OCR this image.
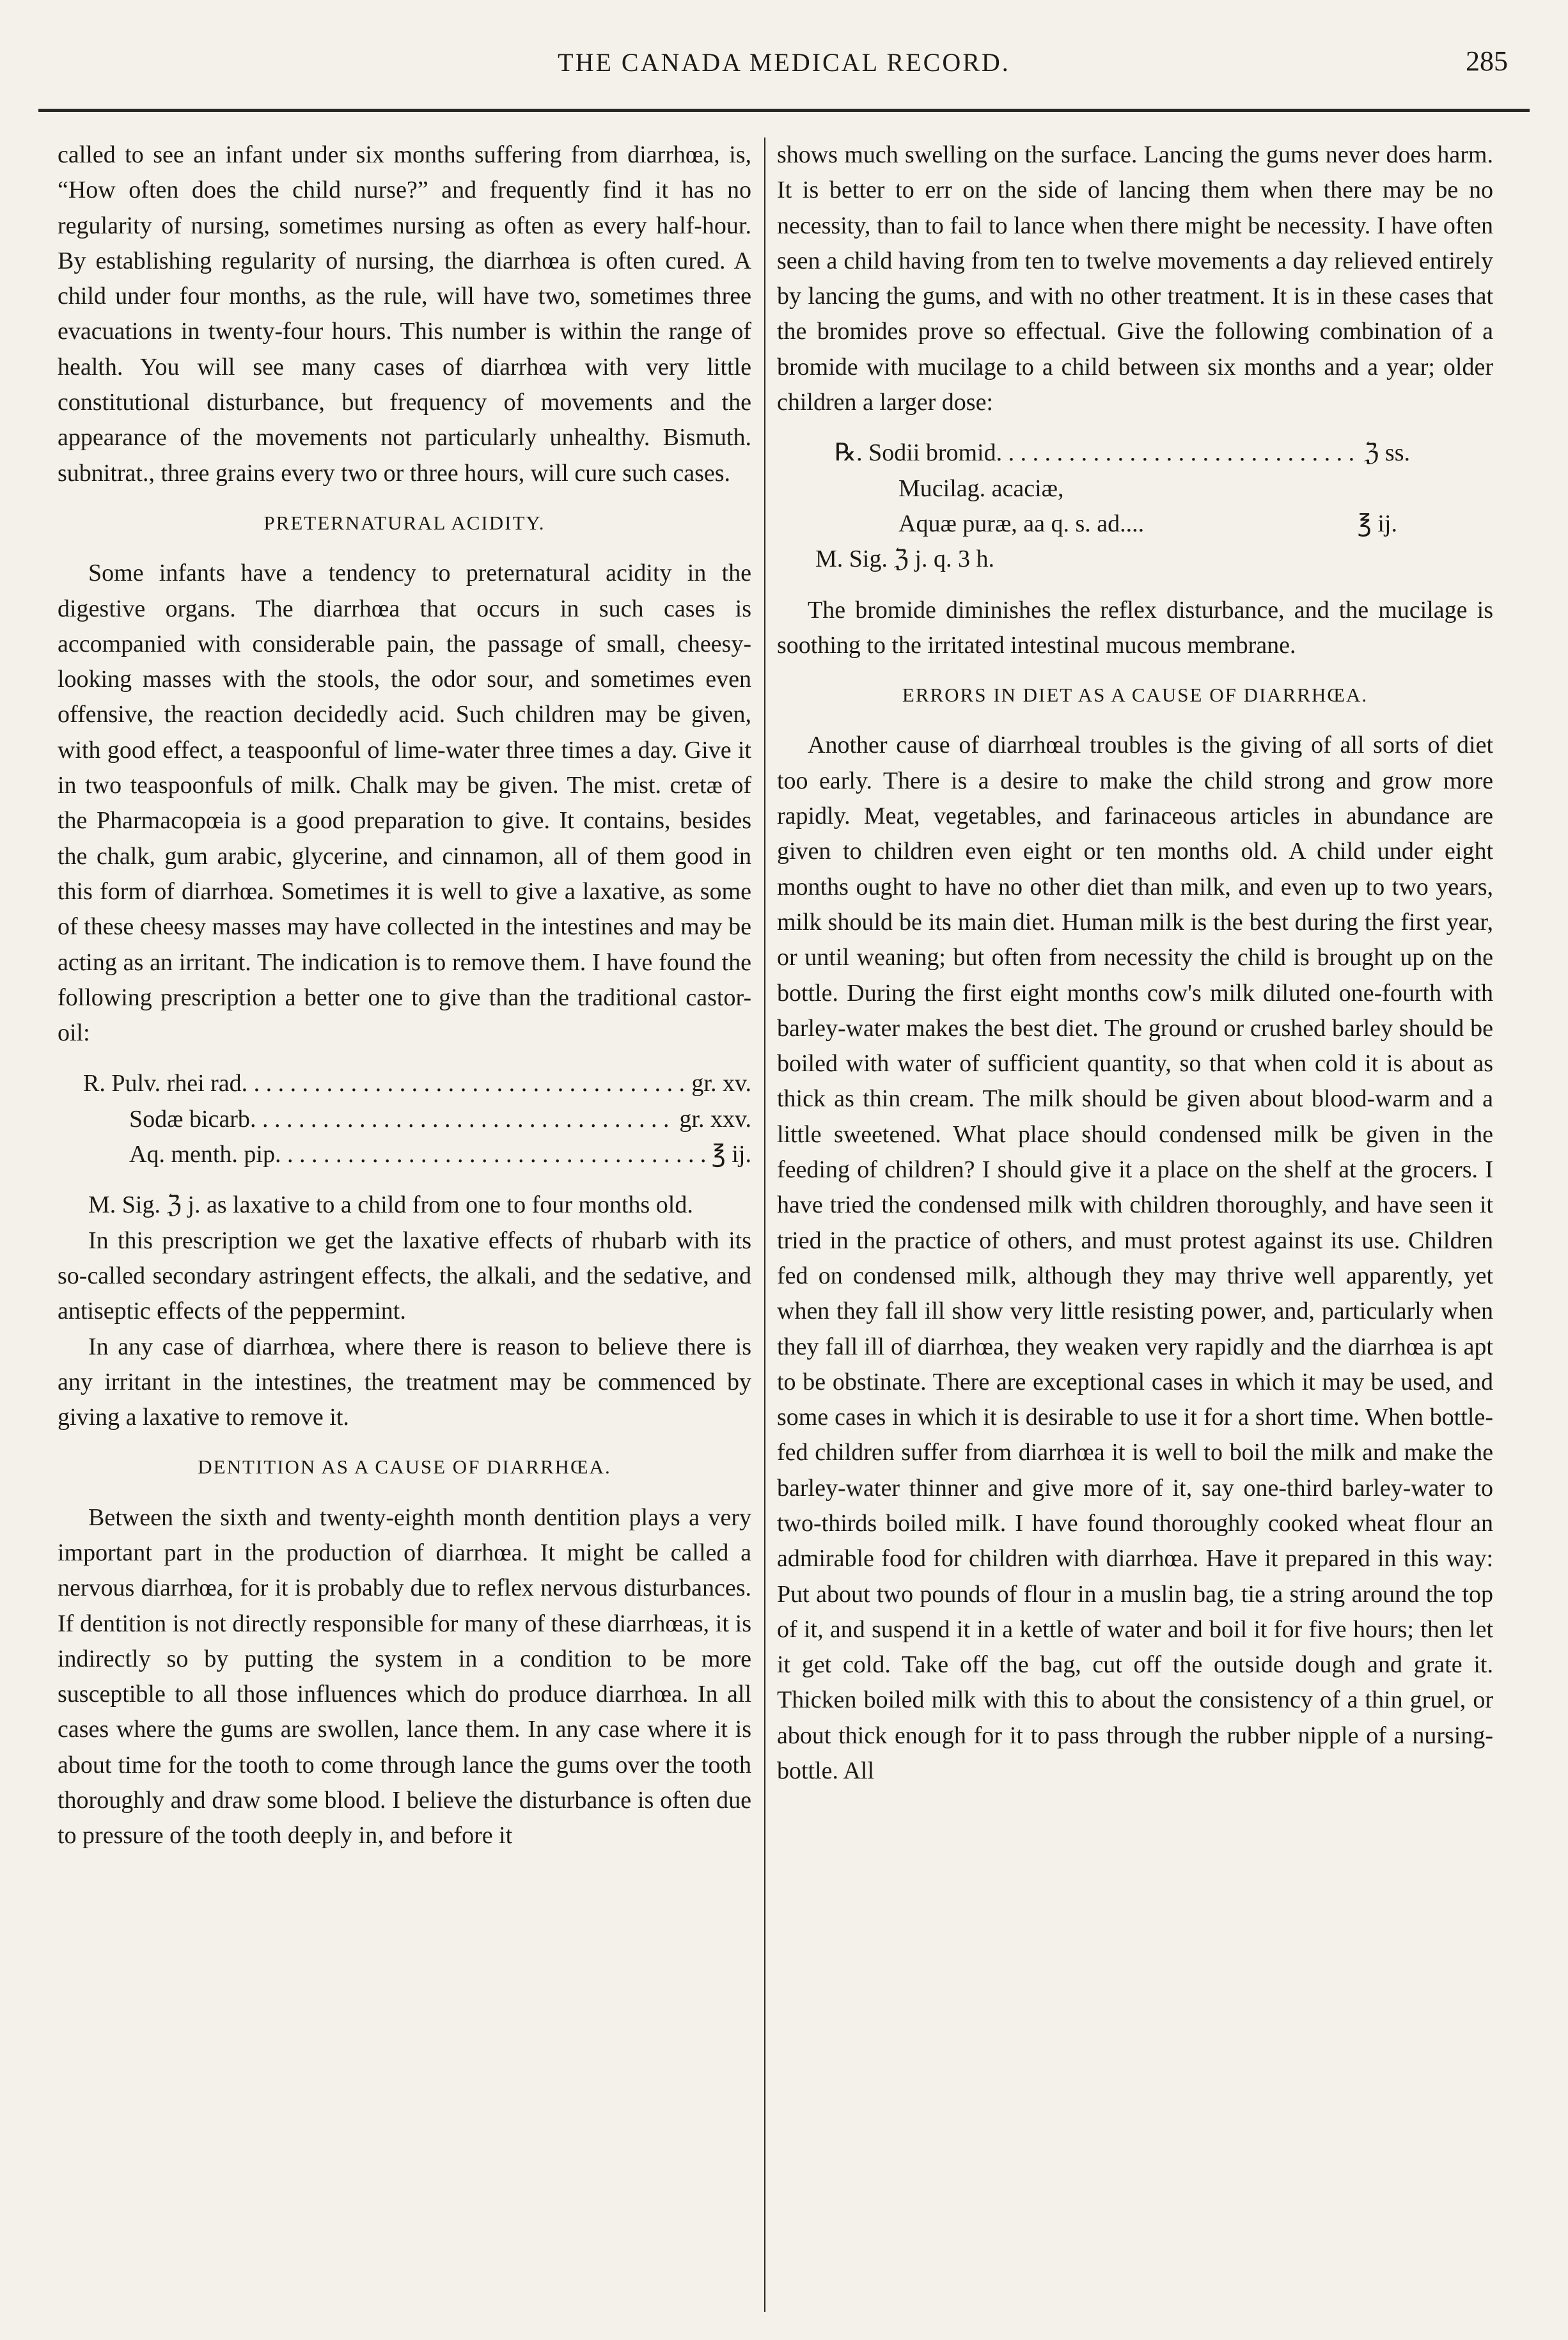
THE CANADA MEDICAL RECORD.	285

called to see an infant under six months suffering from diarrhœa, is, “How often does the child nurse?” and frequently find it has no regularity of nursing, sometimes nursing as often as every half-hour. By establishing regularity of nursing, the diarrhœa is often cured. A child under four months, as the rule, will have two, sometimes three evacuations in twenty-four hours. This number is within the range of health. You will see many cases of diarrhœa with very little constitutional disturbance, but frequency of movements and the appearance of the movements not particularly unhealthy. Bismuth. subnitrat., three grains every two or three hours, will cure such cases.

PRETERNATURAL ACIDITY.

Some infants have a tendency to preternatural acidity in the digestive organs. The diarrhœa that occurs in such cases is accompanied with considerable pain, the passage of small, cheesy-looking masses with the stools, the odor sour, and sometimes even offensive, the reaction decidedly acid. Such children may be given, with good effect, a teaspoonful of lime-water three times a day. Give it in two teaspoonfuls of milk. Chalk may be given. The mist. cretæ of the Pharmacopœia is a good preparation to give. It contains, besides the chalk, gum arabic, glycerine, and cinnamon, all of them good in this form of diarrhœa. Sometimes it is well to give a laxative, as some of these cheesy masses may have collected in the intestines and may be acting as an irritant. The indication is to remove them. I have found the following prescription a better one to give than the traditional castor-oil:

R. Pulv. rhei rad . . .	gr. xv.
Sodæ bicarb . . .	gr. xxv.
Aq. menth. pip . . .	℥ ij.

M. Sig. ℨ j. as laxative to a child from one to four months old.

In this prescription we get the laxative effects of rhubarb with its so-called secondary astringent effects, the alkali, and the sedative, and antiseptic effects of the peppermint.

In any case of diarrhœa, where there is reason to believe there is any irritant in the intestines, the treatment may be commenced by giving a laxative to remove it.

DENTITION AS A CAUSE OF DIARRHŒA.

Between the sixth and twenty-eighth month dentition plays a very important part in the production of diarrhœa. It might be called a nervous diarrhœa, for it is probably due to reflex nervous disturbances. If dentition is not directly responsible for many of these diarrhœas, it is indirectly so by putting the system in a condition to be more susceptible to all those influences which do produce diarrhœa. In all cases where the gums are swollen, lance them. In any case where it is about time for the tooth to come through lance the gums over the tooth thoroughly and draw some blood. I believe the disturbance is often due to pressure of the tooth deeply in, and before it

shows much swelling on the surface. Lancing the gums never does harm. It is better to err on the side of lancing them when there may be no necessity, than to fail to lance when there might be necessity. I have often seen a child having from ten to twelve movements a day relieved entirely by lancing the gums, and with no other treatment. It is in these cases that the bromides prove so effectual. Give the following combination of a bromide with mucilage to a child between six months and a year; older children a larger dose:

℞. Sodii bromid . . .	ℨ ss.
Mucilag. acaciæ,
Aquæ puræ, aa q. s. ad....	℥ ij.
M. Sig. ℨ j. q. 3 h.

The bromide diminishes the reflex disturbance, and the mucilage is soothing to the irritated intestinal mucous membrane.

ERRORS IN DIET AS A CAUSE OF DIARRHŒA.

Another cause of diarrhœal troubles is the giving of all sorts of diet too early. There is a desire to make the child strong and grow more rapidly. Meat, vegetables, and farinaceous articles in abundance are given to children even eight or ten months old. A child under eight months ought to have no other diet than milk, and even up to two years, milk should be its main diet. Human milk is the best during the first year, or until weaning; but often from necessity the child is brought up on the bottle. During the first eight months cow's milk diluted one-fourth with barley-water makes the best diet. The ground or crushed barley should be boiled with water of sufficient quantity, so that when cold it is about as thick as thin cream. The milk should be given about blood-warm and a little sweetened. What place should condensed milk be given in the feeding of children? I should give it a place on the shelf at the grocers. I have tried the condensed milk with children thoroughly, and have seen it tried in the practice of others, and must protest against its use. Children fed on condensed milk, although they may thrive well apparently, yet when they fall ill show very little resisting power, and, particularly when they fall ill of diarrhœa, they weaken very rapidly and the diarrhœa is apt to be obstinate. There are exceptional cases in which it may be used, and some cases in which it is desirable to use it for a short time. When bottle-fed children suffer from diarrhœa it is well to boil the milk and make the barley-water thinner and give more of it, say one-third barley-water to two-thirds boiled milk. I have found thoroughly cooked wheat flour an admirable food for children with diarrhœa. Have it prepared in this way: Put about two pounds of flour in a muslin bag, tie a string around the top of it, and suspend it in a kettle of water and boil it for five hours; then let it get cold. Take off the bag, cut off the outside dough and grate it. Thicken boiled milk with this to about the consistency of a thin gruel, or about thick enough for it to pass through the rubber nipple of a nursing-bottle. All
